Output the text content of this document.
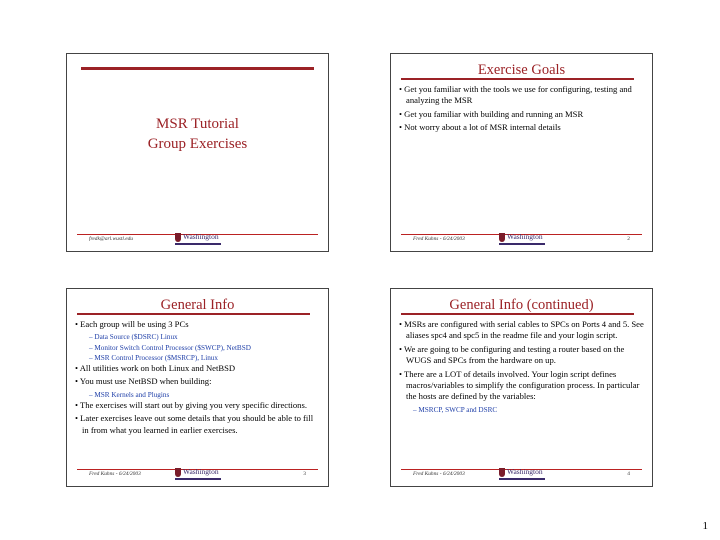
MSR Tutorial
Group Exercises
fredk@arl.wustl.edu	Washington
Exercise Goals

• Get you familiar with the tools we use for configuring, testing and analyzing the MSR

• Get you familiar with building and running an MSR

• Not worry about a lot of MSR internal details

Fred Kuhns - 6/24/2003	Washington	2
General Info

• Each group will be using 3 PCs

– Data Source ($DSRC) Linux

– Monitor Switch Control Processor ($SWCP), NetBSD

– MSR Control Processor ($MSRCP), Linux

• All utilities work on both Linux and NetBSD

• You must use NetBSD when building:

– MSR Kernels and Plugins

• The exercises will start out by giving you very specific directions.

• Later exercises leave out some details that you should be able to fill in from what you learned in earlier exercises.

Fred Kuhns - 6/24/2003	Washington	3
General Info (continued)

• MSRs are configured with serial cables to SPCs on Ports 4 and 5. See aliases spc4 and spc5 in the readme file and your login script.

• We are going to be configuring and testing a router based on the WUGS and SPCs from the hardware on up.

• There are a LOT of details involved. Your login script defines macros/variables to simplify the configuration process. In particular the hosts are defined by the variables:

– MSRCP, SWCP and DSRC

Fred Kuhns - 6/24/2003	Washington	4
1
